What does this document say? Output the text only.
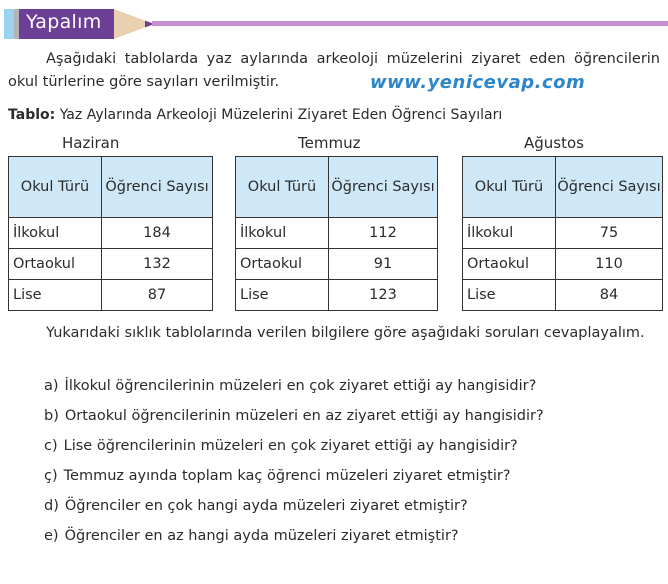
Yapalım
Aşağıdaki tablolarda yaz aylarında arkeoloji müzelerini ziyaret eden öğrencilerin okul türlerine göre sayıları verilmiştir.	www.yenicevap.com
Tablo: Yaz Aylarında Arkeoloji Müzelerini Ziyaret Eden Öğrenci Sayıları
Haziran	Temmuz	Ağustos
Okul Türü	Öğrenci Sayısı
İlkokul	184
Ortaokul	132
Lise	87
Okul Türü	Öğrenci Sayısı
İlkokul	112
Ortaokul	91
Lise	123
Okul Türü	Öğrenci Sayısı
İlkokul	75
Ortaokul	110
Lise	84
Yukarıdaki sıklık tablolarında verilen bilgilere göre aşağıdaki soruları cevaplayalım.
a) İlkokul öğrencilerinin müzeleri en çok ziyaret ettiği ay hangisidir?
b) Ortaokul öğrencilerinin müzeleri en az ziyaret ettiği ay hangisidir?
c) Lise öğrencilerinin müzeleri en çok ziyaret ettiği ay hangisidir?
ç) Temmuz ayında toplam kaç öğrenci müzeleri ziyaret etmiştir?
d) Öğrenciler en çok hangi ayda müzeleri ziyaret etmiştir?
e) Öğrenciler en az hangi ayda müzeleri ziyaret etmiştir?
